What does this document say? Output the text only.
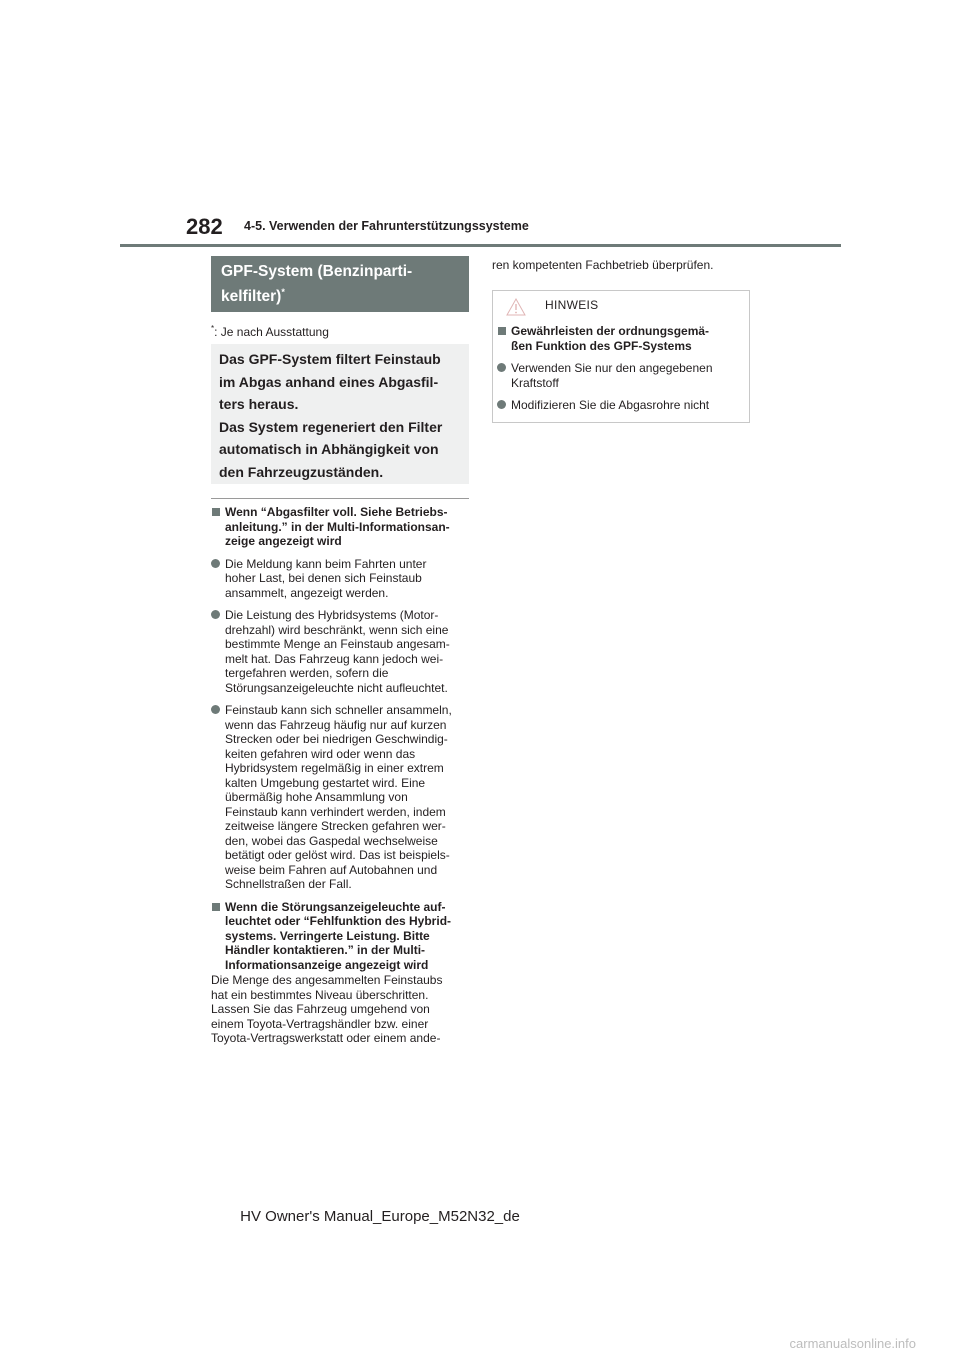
282 4-5. Verwenden der Fahrunterstützungssysteme
GPF-System (Benzinparti-
kelfilter)*
*: Je nach Ausstattung
Das GPF-System filtert Feinstaub
im Abgas anhand eines Abgasfil-
ters heraus.
Das System regeneriert den Filter
automatisch in Abhängigkeit von
den Fahrzeugzuständen.
Wenn “Abgasfilter voll. Siehe Betriebs-
anleitung.” in der Multi-Informationsan-
zeige angezeigt wird
Die Meldung kann beim Fahrten unter
hoher Last, bei denen sich Feinstaub
ansammelt, angezeigt werden.
Die Leistung des Hybridsystems (Motor-
drehzahl) wird beschränkt, wenn sich eine
bestimmte Menge an Feinstaub angesam-
melt hat. Das Fahrzeug kann jedoch wei-
tergefahren werden, sofern die
Störungsanzeigeleuchte nicht aufleuchtet.
Feinstaub kann sich schneller ansammeln,
wenn das Fahrzeug häufig nur auf kurzen
Strecken oder bei niedrigen Geschwindig-
keiten gefahren wird oder wenn das
Hybridsystem regelmäßig in einer extrem
kalten Umgebung gestartet wird. Eine
übermäßig hohe Ansammlung von
Feinstaub kann verhindert werden, indem
zeitweise längere Strecken gefahren wer-
den, wobei das Gaspedal wechselweise
betätigt oder gelöst wird. Das ist beispiels-
weise beim Fahren auf Autobahnen und
Schnellstraßen der Fall.
Wenn die Störungsanzeigeleuchte auf-
leuchtet oder “Fehlfunktion des Hybrid-
systems. Verringerte Leistung. Bitte
Händler kontaktieren.” in der Multi-
Informationsanzeige angezeigt wird
Die Menge des angesammelten Feinstaubs
hat ein bestimmtes Niveau überschritten.
Lassen Sie das Fahrzeug umgehend von
einem Toyota-Vertragshändler bzw. einer
Toyota-Vertragswerkstatt oder einem ande-
ren kompetenten Fachbetrieb überprüfen.
HINWEIS
Gewährleisten der ordnungsgemä-
ßen Funktion des GPF-Systems
Verwenden Sie nur den angegebenen
Kraftstoff
Modifizieren Sie die Abgasrohre nicht
HV Owner's Manual_Europe_M52N32_de
carmanualsonline.info
